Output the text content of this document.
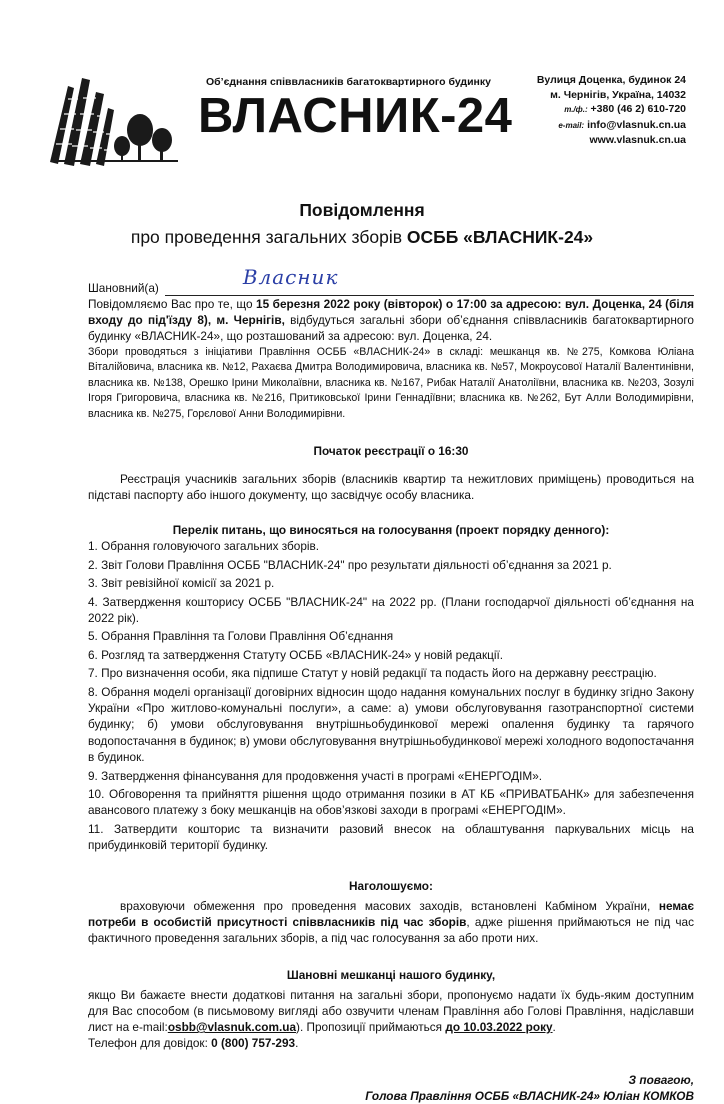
Об’єднання співвласників багатоквартирного будинку
ВЛАСНИК-24
Вулиця Доценка, будинок 24
м. Чернігів, Україна, 14032
т./ф.: +380 (46 2) 610-720
e-mail: info@vlasnuk.cn.ua
www.vlasnuk.cn.ua
Повідомлення
про проведення загальних зборів ОСББ «ВЛАСНИК-24»
Шановний(а)	Власник

Повідомляємо Вас про те, що 15 березня 2022 року (вівторок) о 17:00 за адресою: вул. Доценка, 24 (біля входу до під'їзду 8), м. Чернігів, відбудуться загальні збори об’єднання співвласників багатоквартирного будинку «ВЛАСНИК-24», що розташований за адресою: вул. Доценка, 24.

Збори проводяться з ініціативи Правління ОСББ «ВЛАСНИК-24» в складі: мешканця кв. №275, Комкова Юліана Віталійовича, власника кв. №12, Рахаєва Дмитра Володимировича, власника кв. №57, Мокроусової Наталії Валентинівни, власника кв. №138, Орешко Ірини Миколаївни, власника кв. №167, Рибак Наталії Анатоліївни, власника кв. №203, Зозулі Ігоря Григоровича, власника кв. №216, Притиковської Ірини Геннадіївни; власника кв. №262, Бут Алли Володимирівни, власника кв. №275, Горєлової Анни Володимирівни.

Початок реєстрації о 16:30

Реєстрація учасників загальних зборів (власників квартир та нежитлових приміщень) проводиться на підставі паспорту або іншого документу, що засвідчує особу власника.

Перелік питань, що виносяться на голосування (проект порядку денного):

1. Обрання головуючого загальних зборів.
2. Звіт Голови Правління ОСББ "ВЛАСНИК-24" про результати діяльності об’єднання за 2021 р.
3. Звіт ревізійної комісії за 2021 р.
4. Затвердження кошторису ОСББ "ВЛАСНИК-24" на 2022 рр. (Плани господарчої діяльності об’єднання на 2022 рік).
5. Обрання Правління та Голови Правління Об’єднання
6. Розгляд та затвердження Статуту ОСББ «ВЛАСНИК-24» у новій редакції.
7. Про визначення особи, яка підпише Статут у новій редакції та подасть його на державну реєстрацію.
8. Обрання моделі організації договірних відносин щодо надання комунальних послуг в будинку згідно Закону України «Про житлово-комунальні послуги», а саме: а) умови обслуговування газотранспортної системи будинку; б) умови обслуговування внутрішньобудинкової мережі опалення будинку та гарячого водопостачання в будинок; в) умови обслуговування внутрішньобудинкової мережі холодного водопостачання в будинок.
9. Затвердження фінансування для продовження участі в програмі «ЕНЕРГОДІМ».
10. Обговорення та прийняття рішення щодо отримання позики в АТ КБ «ПРИВАТБАНК» для забезпечення авансового платежу з боку мешканців на обов’язкові заходи в програмі «ЕНЕРГОДІМ».
11. Затвердити кошторис та визначити разовий внесок на облаштування паркувальних місць на прибудинковій території будинку.

Наголошуємо:

враховуючи обмеження про проведення масових заходів, встановлені Кабміном України, немає потреби в особистій присутності співвласників під час зборів, адже рішення приймаються не під час фактичного проведення загальних зборів, а під час голосування за або проти них.

Шановні мешканці нашого будинку,

якщо Ви бажаєте внести додаткові питання на загальні збори, пропонуємо надати їх будь-яким доступним для Вас способом (в письмовому вигляді або озвучити членам Правління або Голові Правління, надіславши лист на e-mail:osbb@vlasnuk.com.ua). Пропозиції приймаються до 10.03.2022 року.

Телефон для довідок: 0 (800) 757-293.

З повагою,

Голова Правління ОСББ «ВЛАСНИК-24» Юліан КОМКОВ
